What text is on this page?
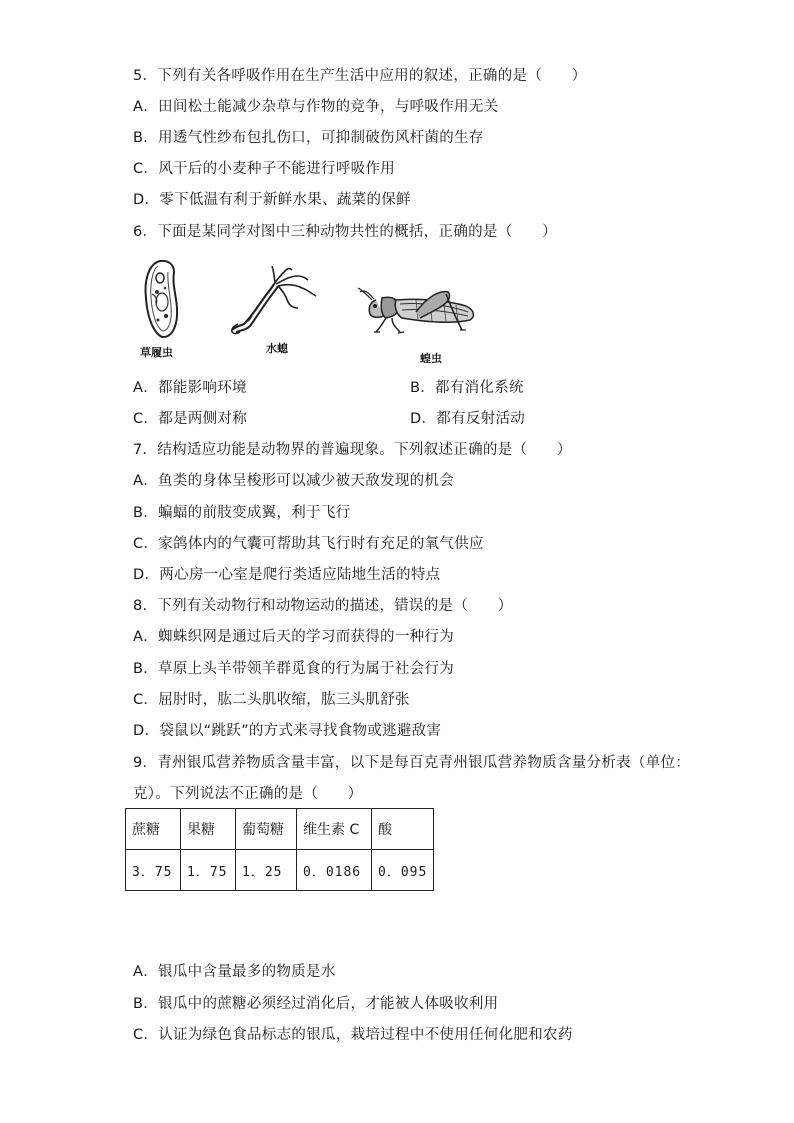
5．下列有关各呼吸作用在生产生活中应用的叙述，正确的是（　　）
A．田间松土能减少杂草与作物的竞争，与呼吸作用无关
B．用透气性纱布包扎伤口，可抑制破伤风杆菌的生存
C．风干后的小麦种子不能进行呼吸作用
D．零下低温有利于新鲜水果、蔬菜的保鲜
6．下面是某同学对图中三种动物共性的概括，正确的是（　　）
草履虫	水螅
蝗虫
A．都能影响环境	B．都有消化系统
C．都是两侧对称	D．都有反射活动
7．结构适应功能是动物界的普遍现象。下列叙述正确的是（　　）
A．鱼类的身体呈梭形可以减少被天敌发现的机会
B．蝙蝠的前肢变成翼，利于飞行
C．家鸽体内的气囊可帮助其飞行时有充足的氧气供应
D．两心房一心室是爬行类适应陆地生活的特点
8．下列有关动物行和动物运动的描述，错误的是（　　）
A．蜘蛛织网是通过后天的学习而获得的一种行为
B．草原上头羊带领羊群觅食的行为属于社会行为
C．屈肘时，肱二头肌收缩，肱三头肌舒张
D．袋鼠以“跳跃”的方式来寻找食物或逃避敌害
9．青州银瓜营养物质含量丰富，以下是每百克青州银瓜营养物质含量分析表（单位：
克）。下列说法不正确的是（　　）
蔗糖	果糖	葡萄糖	维生素 C	酸
3．75	1．75	1．25	0．0186	0．095
A．银瓜中含量最多的物质是水
B．银瓜中的蔗糖必须经过消化后，才能被人体吸收利用
C．认证为绿色食品标志的银瓜，栽培过程中不使用任何化肥和农药
